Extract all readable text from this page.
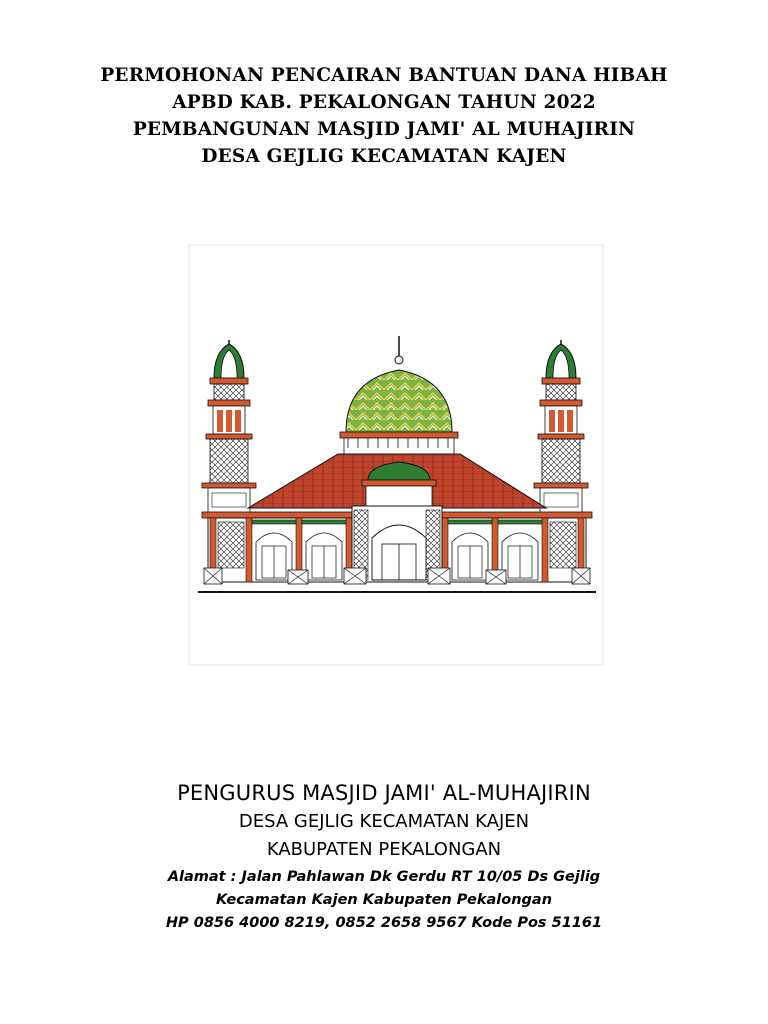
PERMOHONAN PENCAIRAN BANTUAN DANA HIBAH
APBD KAB. PEKALONGAN TAHUN 2022
PEMBANGUNAN MASJID JAMI' AL MUHAJIRIN
DESA GEJLIG KECAMATAN KAJEN
PENGURUS MASJID JAMI' AL-MUHAJIRIN
DESA GEJLIG KECAMATAN KAJEN
KABUPATEN PEKALONGAN
Alamat : Jalan Pahlawan Dk Gerdu RT 10/05 Ds Gejlig
Kecamatan Kajen Kabupaten Pekalongan
HP 0856 4000 8219, 0852 2658 9567 Kode Pos 51161
